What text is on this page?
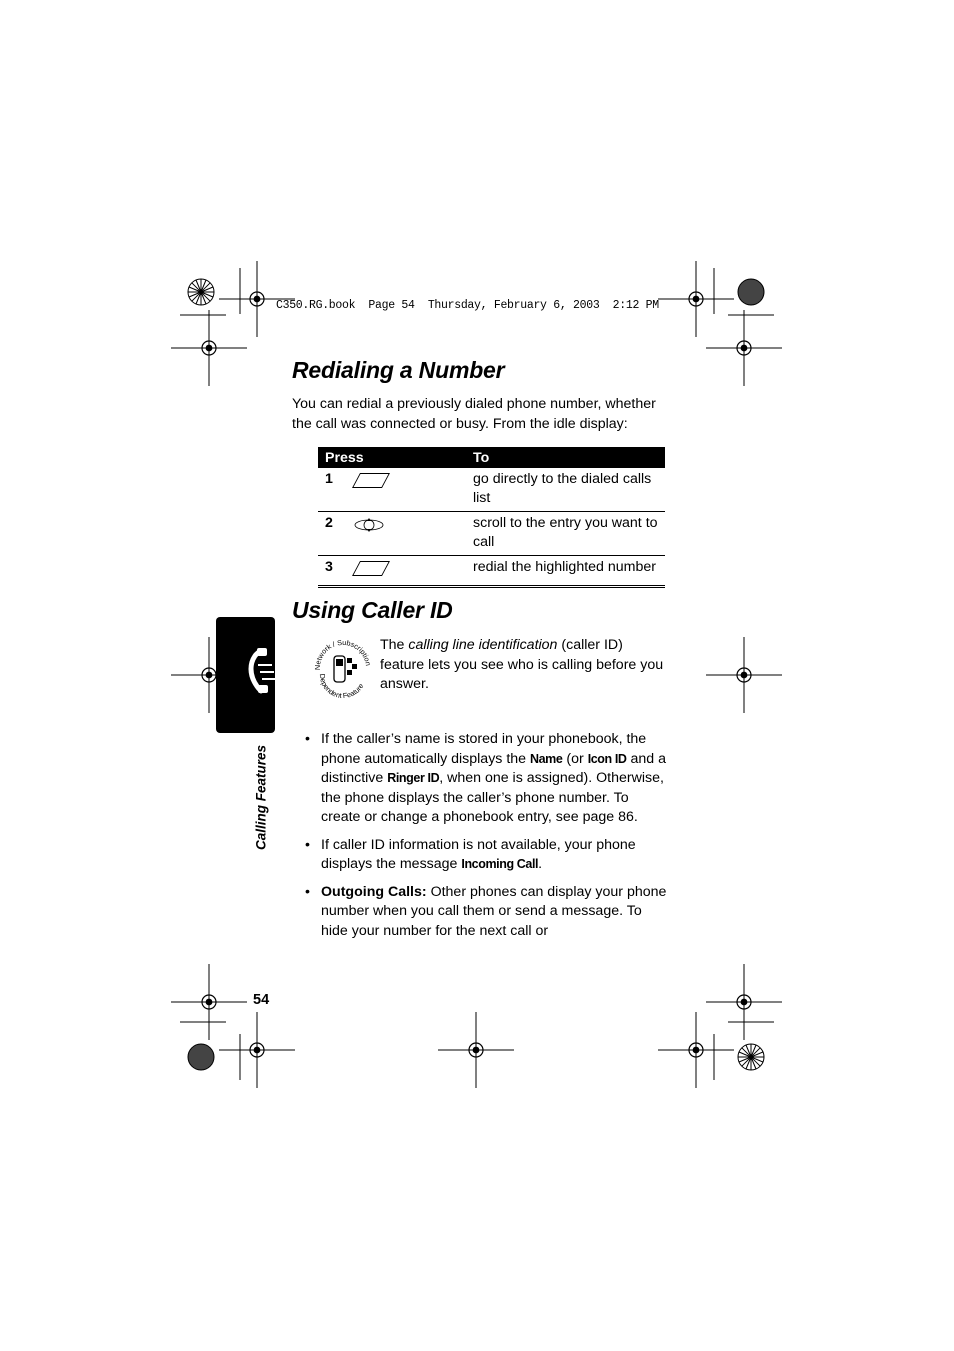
C350.RG.book  Page 54  Thursday, February 6, 2003  2:12 PM
Redialing a Number
You can redial a previously dialed phone number, whether the call was connected or busy. From the idle display:
Press		To
1		go directly to the dialed calls list
2		scroll to the entry you want to call
3		redial the highlighted number
Using Caller ID
Calling Features
etwork / Subscriptio
Dependent Feature
The calling line identification (caller ID) feature lets you see who is calling before you answer.
• If the caller’s name is stored in your phonebook, the phone automatically displays the Name (or Icon ID and a distinctive Ringer ID, when one is assigned). Otherwise, the phone displays the caller’s phone number. To create or change a phonebook entry, see page 86.
• If caller ID information is not available, your phone displays the message Incoming Call.
• Outgoing Calls: Other phones can display your phone number when you call them or send a message. To hide your number for the next call or
54
